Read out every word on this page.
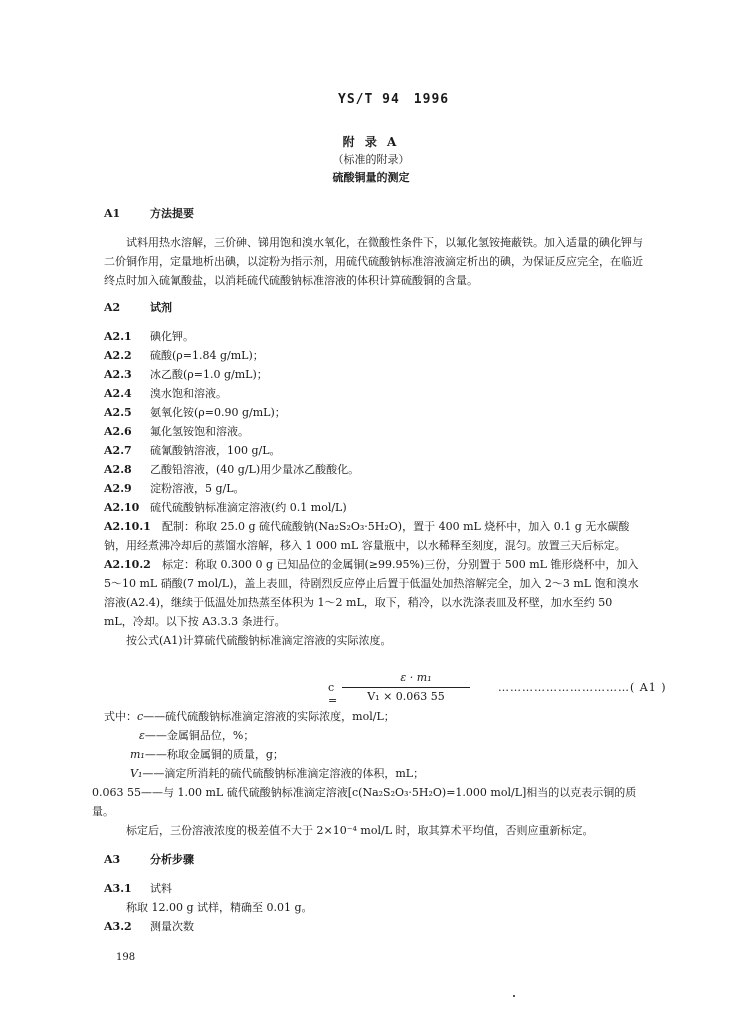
YS/T 94　1996
附 录 A
（标准的附录）
硫酸铜量的测定
A1	方法提要
试料用热水溶解，三价砷、锑用饱和溴水氧化，在微酸性条件下，以氟化氢铵掩蔽铁。加入适量的碘化钾与二价铜作用，定量地析出碘，以淀粉为指示剂，用硫代硫酸钠标准溶液滴定析出的碘，为保证反应完全，在临近终点时加入硫氰酸盐，以消耗硫代硫酸钠标准溶液的体积计算硫酸铜的含量。
A2	试剂
A2.1 碘化钾。
A2.2 硫酸(ρ=1.84 g/mL)；
A2.3 冰乙酸(ρ=1.0 g/mL)；
A2.4 溴水饱和溶液。
A2.5 氨氧化铵(ρ=0.90 g/mL)；
A2.6 氟化氢铵饱和溶液。
A2.7 硫氰酸钠溶液，100 g/L。
A2.8 乙酸铅溶液，(40 g/L)用少量冰乙酸酸化。
A2.9 淀粉溶液，5 g/L。
A2.10 硫代硫酸钠标准滴定溶液(约 0.1 mol/L)
A2.10.1 配制：称取 25.0 g 硫代硫酸钠(Na₂S₂O₃·5H₂O)，置于 400 mL 烧杯中，加入 0.1 g 无水碳酸钠，用经煮沸冷却后的蒸馏水溶解，移入 1 000 mL 容量瓶中，以水稀释至刻度，混匀。放置三天后标定。
A2.10.2 标定：称取 0.300 0 g 已知品位的金属铜(≥99.95%)三份，分别置于 500 mL 锥形烧杯中，加入 5～10 mL 硝酸(7 mol/L)，盖上表皿，待剧烈反应停止后置于低温处加热溶解完全，加入 2～3 mL 饱和溴水溶液(A2.4)，继续于低温处加热蒸至体积为 1～2 mL，取下，稍冷，以水洗涤表皿及杯壁，加水至约 50 mL，冷却。以下按 A3.3.3 条进行。
按公式(A1)计算硫代硫酸钠标准滴定溶液的实际浓度。
c =
ε · m₁
V₁ × 0.063 55
……………………………( A1 )
式中：c——硫代硫酸钠标准滴定溶液的实际浓度，mol/L；
ε——金属铜品位，%；
m₁——称取金属铜的质量，g；
V₁——滴定所消耗的硫代硫酸钠标准滴定溶液的体积，mL；
0.063 55——与 1.00 mL 硫代硫酸钠标准滴定溶液[c(Na₂S₂O₃·5H₂O)=1.000 mol/L]相当的以克表示铜的质量。
标定后，三份溶液浓度的极差值不大于 2×10⁻⁴ mol/L 时，取其算术平均值，否则应重新标定。
A3	分析步骤
A3.1 试料
称取 12.00 g 试样，精确至 0.01 g。
A3.2 测量次数
198
